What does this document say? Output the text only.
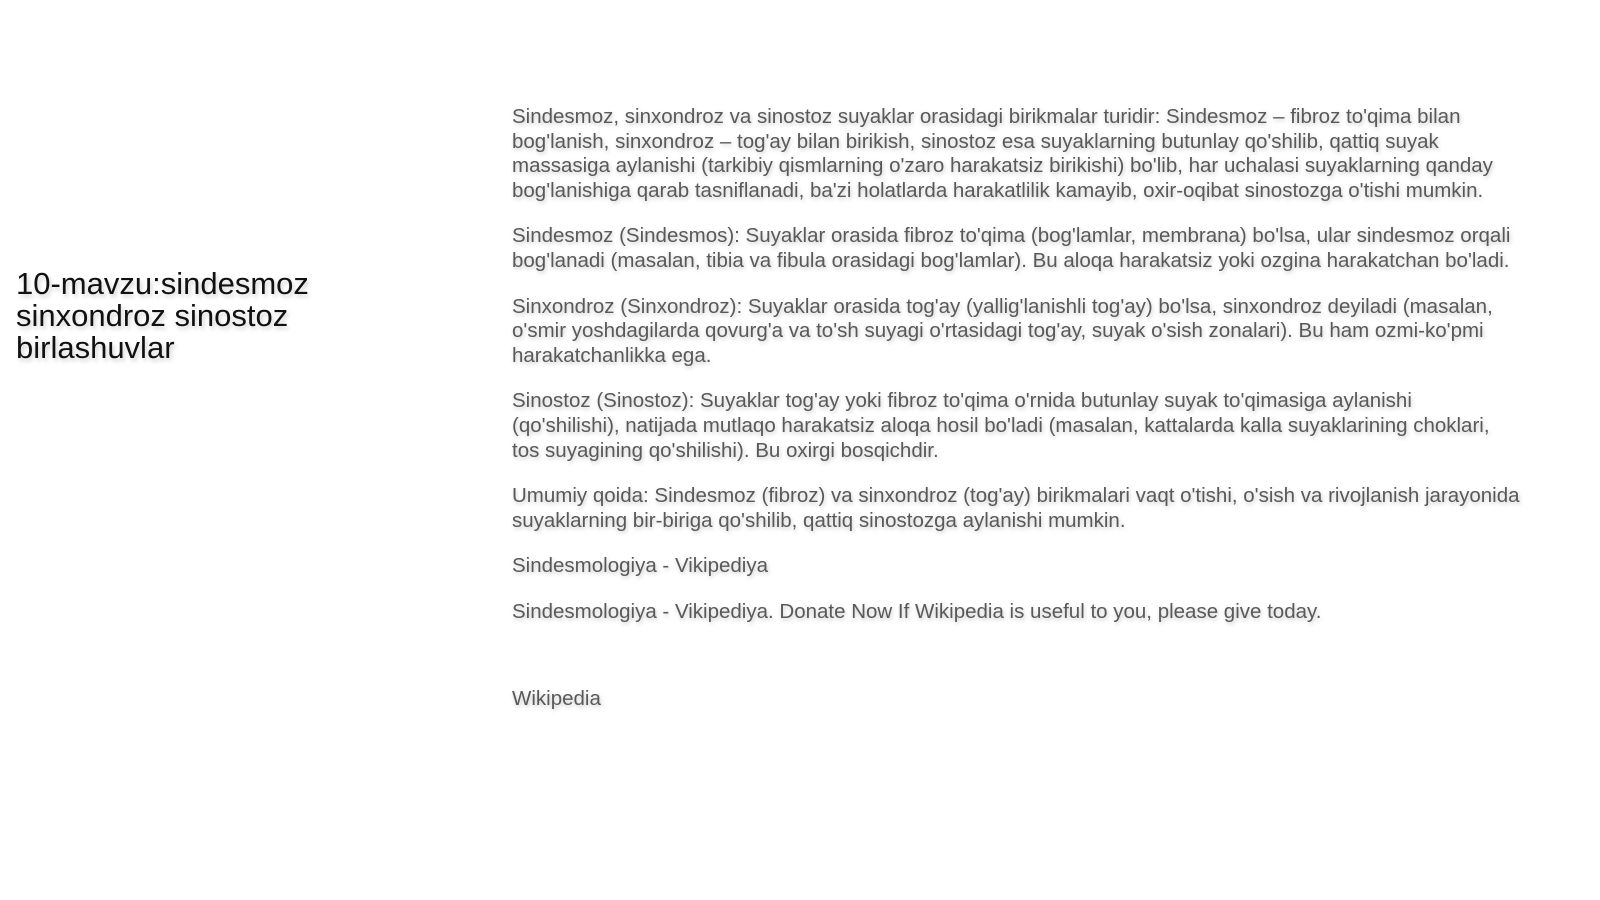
10-mavzu:sindesmoz sinxondroz sinostoz birlashuvlar

Sindesmoz, sinxondroz va sinostoz suyaklar orasidagi birikmalar turidir: Sindesmoz – fibroz to'qima bilan bog'lanish, sinxondroz – tog'ay bilan birikish, sinostoz esa suyaklarning butunlay qo'shilib, qattiq suyak massasiga aylanishi (tarkibiy qismlarning o'zaro harakatsiz birikishi) bo'lib, har uchalasi suyaklarning qanday bog'lanishiga qarab tasniflanadi, ba'zi holatlarda harakatlilik kamayib, oxir-oqibat sinostozga o'tishi mumkin.

Sindesmoz (Sindesmos): Suyaklar orasida fibroz to'qima (bog'lamlar, membrana) bo'lsa, ular sindesmoz orqali bog'lanadi (masalan, tibia va fibula orasidagi bog'lamlar). Bu aloqa harakatsiz yoki ozgina harakatchan bo'ladi.

Sinxondroz (Sinxondroz): Suyaklar orasida tog'ay (yallig'lanishli tog'ay) bo'lsa, sinxondroz deyiladi (masalan, o'smir yoshdagilarda qovurg'a va to'sh suyagi o'rtasidagi tog'ay, suyak o'sish zonalari). Bu ham ozmi-ko'pmi harakatchanlikka ega.

Sinostoz (Sinostoz): Suyaklar tog'ay yoki fibroz to'qima o'rnida butunlay suyak to'qimasiga aylanishi (qo'shilishi), natijada mutlaqo harakatsiz aloqa hosil bo'ladi (masalan, kattalarda kalla suyaklarining choklari, tos suyagining qo'shilishi). Bu oxirgi bosqichdir.

Umumiy qoida: Sindesmoz (fibroz) va sinxondroz (tog'ay) birikmalari vaqt o'tishi, o'sish va rivojlanish jarayonida suyaklarning bir-biriga qo'shilib, qattiq sinostozga aylanishi mumkin.

Sindesmologiya - Vikipediya

Sindesmologiya - Vikipediya. Donate Now If Wikipedia is useful to you, please give today.

Wikipedia
